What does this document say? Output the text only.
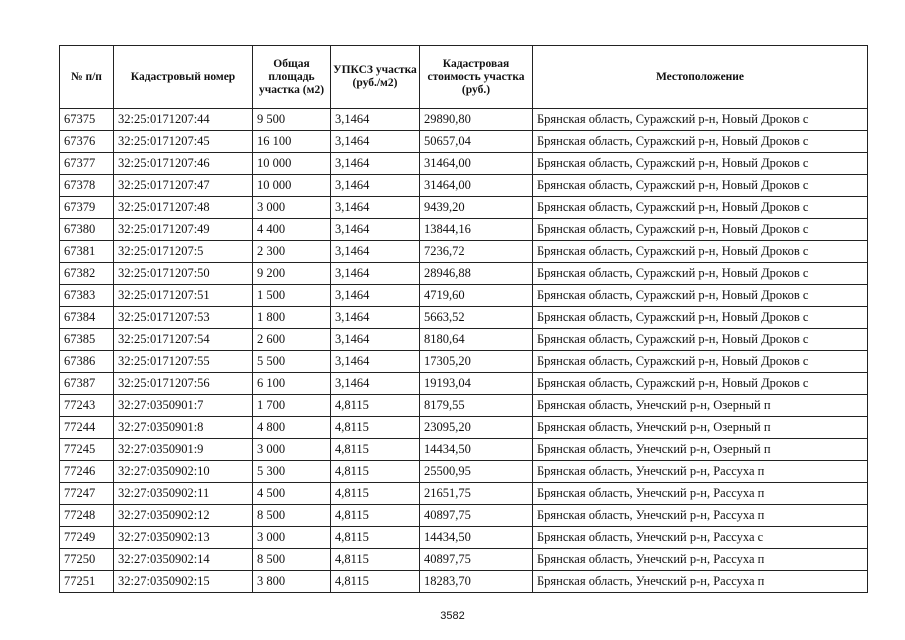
№ п/п	Кадастровый номер	Общая площадь участка (м2)	УПКСЗ участка (руб./м2)	Кадастровая стоимость участка (руб.)	Местоположение
67375	32:25:0171207:44	9 500	3,1464	29890,80	Брянская область, Суражский р-н, Новый Дроков с
67376	32:25:0171207:45	16 100	3,1464	50657,04	Брянская область, Суражский р-н, Новый Дроков с
67377	32:25:0171207:46	10 000	3,1464	31464,00	Брянская область, Суражский р-н, Новый Дроков с
67378	32:25:0171207:47	10 000	3,1464	31464,00	Брянская область, Суражский р-н, Новый Дроков с
67379	32:25:0171207:48	3 000	3,1464	9439,20	Брянская область, Суражский р-н, Новый Дроков с
67380	32:25:0171207:49	4 400	3,1464	13844,16	Брянская область, Суражский р-н, Новый Дроков с
67381	32:25:0171207:5	2 300	3,1464	7236,72	Брянская область, Суражский р-н, Новый Дроков с
67382	32:25:0171207:50	9 200	3,1464	28946,88	Брянская область, Суражский р-н, Новый Дроков с
67383	32:25:0171207:51	1 500	3,1464	4719,60	Брянская область, Суражский р-н, Новый Дроков с
67384	32:25:0171207:53	1 800	3,1464	5663,52	Брянская область, Суражский р-н, Новый Дроков с
67385	32:25:0171207:54	2 600	3,1464	8180,64	Брянская область, Суражский р-н, Новый Дроков с
67386	32:25:0171207:55	5 500	3,1464	17305,20	Брянская область, Суражский р-н, Новый Дроков с
67387	32:25:0171207:56	6 100	3,1464	19193,04	Брянская область, Суражский р-н, Новый Дроков с
77243	32:27:0350901:7	1 700	4,8115	8179,55	Брянская область, Унечский р-н, Озерный п
77244	32:27:0350901:8	4 800	4,8115	23095,20	Брянская область, Унечский р-н, Озерный п
77245	32:27:0350901:9	3 000	4,8115	14434,50	Брянская область, Унечский р-н, Озерный п
77246	32:27:0350902:10	5 300	4,8115	25500,95	Брянская область, Унечский р-н, Рассуха п
77247	32:27:0350902:11	4 500	4,8115	21651,75	Брянская область, Унечский р-н, Рассуха п
77248	32:27:0350902:12	8 500	4,8115	40897,75	Брянская область, Унечский р-н, Рассуха п
77249	32:27:0350902:13	3 000	4,8115	14434,50	Брянская область, Унечский р-н, Рассуха с
77250	32:27:0350902:14	8 500	4,8115	40897,75	Брянская область, Унечский р-н, Рассуха п
77251	32:27:0350902:15	3 800	4,8115	18283,70	Брянская область, Унечский р-н, Рассуха п
3582
